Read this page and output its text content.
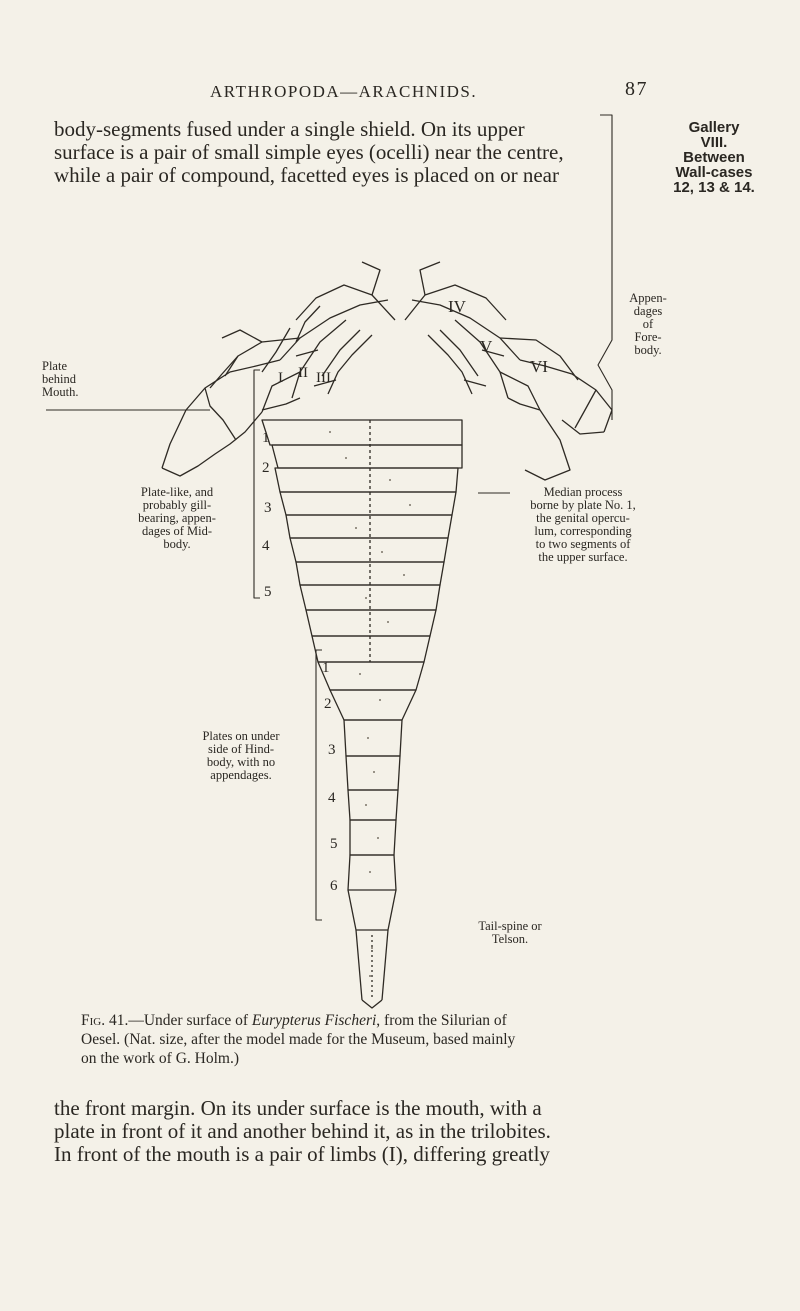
ARTHROPODA—ARACHNIDS.	87
body-segments fused under a single shield. On its upper
surface is a pair of small simple eyes (ocelli) near the centre,
while a pair of compound, facetted eyes is placed on or near
Gallery
VIII.
Between
Wall-cases
12, 13 & 14.
I II III
IV
V
VI
1
2
3
4
5
1
2
3
4
5
6
Plate
behind
Mouth.
Appen-
dages
of
Fore-
body.
Plate-like, and
probably gill-
bearing, appen-
dages of Mid-
body.
Median process
borne by plate No. 1,
the genital opercu-
lum, corresponding
to two segments of
the upper surface.
Plates on under
side of Hind-
body, with no
appendages.
Tail-spine or
Telson.
Fig. 41.—Under surface of Eurypterus Fischeri, from the Silurian of
Oesel. (Nat. size, after the model made for the Museum, based mainly
on the work of G. Holm.)
the front margin. On its under surface is the mouth, with a
plate in front of it and another behind it, as in the trilobites.
In front of the mouth is a pair of limbs (I), differing greatly
